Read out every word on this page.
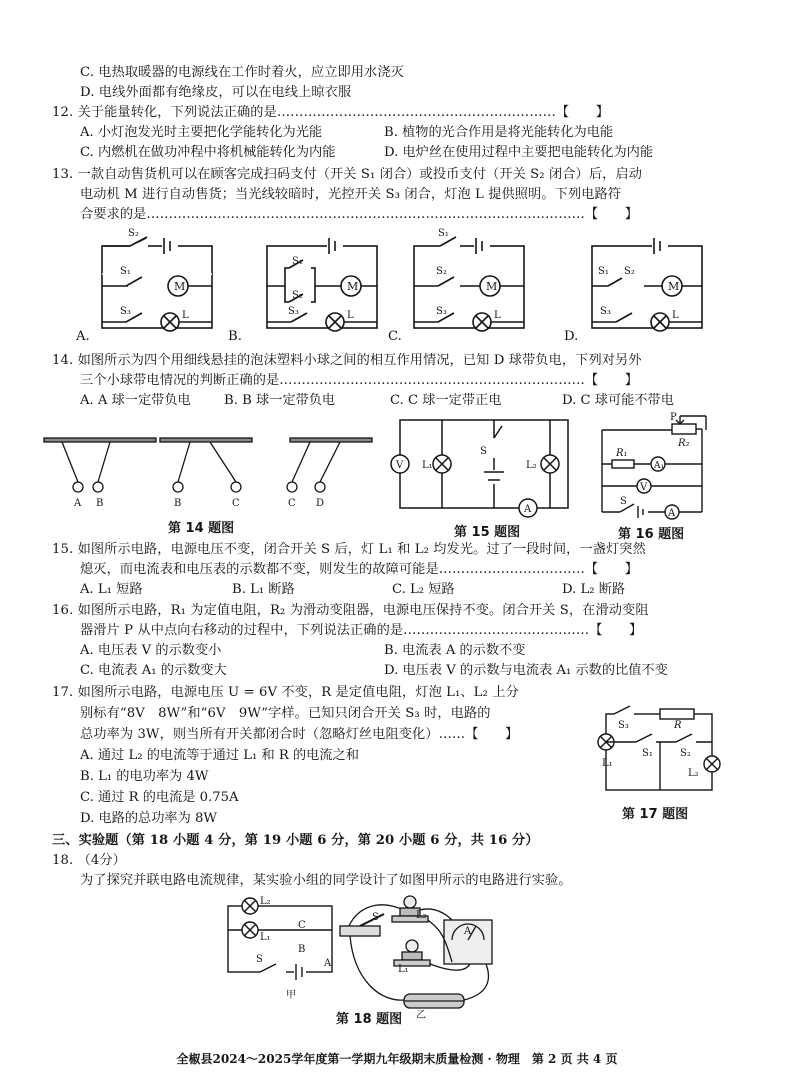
C. 电热取暖器的电源线在工作时着火，应立即用水浇灭
D. 电线外面都有绝缘皮，可以在电线上晾衣服
12. 关于能量转化，下列说法正确的是………………………………………………………【　　】
A. 小灯泡发光时主要把化学能转化为光能	B. 植物的光合作用是将光能转化为电能
C. 内燃机在做功冲程中将机械能转化为内能	D. 电炉丝在使用过程中主要把电能转化为内能
13. 一款自动售货机可以在顾客完成扫码支付（开关 S₁ 闭合）或投币支付（开关 S₂ 闭合）后，启动
电动机 M 进行自动售货；当光线较暗时，光控开关 S₃ 闭合，灯泡 L 提供照明。下列电路符
合要求的是………………………………………………………………………………………【　　】
S₂
S₁
S₃
M
L
S₁
S₂
S₃
M
L
S₁
S₂
S₃
M
L
S₁ S₂
S₃
M
L
A.	B.	C.	D.
14. 如图所示为四个用细线悬挂的泡沫塑料小球之间的相互作用情况，已知 D 球带负电，下列对另外
三个小球带电情况的判断正确的是……………………………………………………………【　　】
A. A 球一定带负电	B. B 球一定带负电	C. C 球一定带正电	D. C 球可能不带电
A B	B	C	C D
第 14 题图
V L₁
S
L₂
A
第 15 题图
P
R₂
R₁
A₁
V
S
A
第 16 题图
15. 如图所示电路，电源电压不变，闭合开关 S 后，灯 L₁ 和 L₂ 均发光。过了一段时间，一盏灯突然
熄灭，而电流表和电压表的示数都不变，则发生的故障可能是……………………………【　　】
A. L₁ 短路	B. L₁ 断路	C. L₂ 短路	D. L₂ 断路
16. 如图所示电路，R₁ 为定值电阻，R₂ 为滑动变阻器，电源电压保持不变。闭合开关 S，在滑动变阻
器滑片 P 从中点向右移动的过程中，下列说法正确的是……………………………………【　　】
A. 电压表 V 的示数变小	B. 电流表 A 的示数不变
C. 电流表 A₁ 的示数变大	D. 电压表 V 的示数与电流表 A₁ 示数的比值不变
17. 如图所示电路，电源电压 U = 6V 不变，R 是定值电阻，灯泡 L₁、L₂ 上分
别标有“8V　8W”和“6V　9W”字样。已知只闭合开关 S₃ 时，电路的
总功率为 3W，则当所有开关都闭合时（忽略灯丝电阻变化）……【　　】
A. 通过 L₂ 的电流等于通过 L₁ 和 R 的电流之和
B. L₁ 的电功率为 4W
C. 通过 R 的电流是 0.75A
D. 电路的总功率为 8W
S₃	R
S₁	S₂
L₁
L₂
第 17 题图
三、实验题（第 18 小题 4 分，第 19 小题 6 分，第 20 小题 6 分，共 16 分）
18. （4分）
为了探究并联电路电流规律，某实验小组的同学设计了如图甲所示的电路进行实验。
L₂
L₁
C
B
A
S
甲
S	L₂
L₁
A
乙
第 18 题图
全椒县2024～2025学年度第一学期九年级期末质量检测 · 物理　第 2 页 共 4 页
